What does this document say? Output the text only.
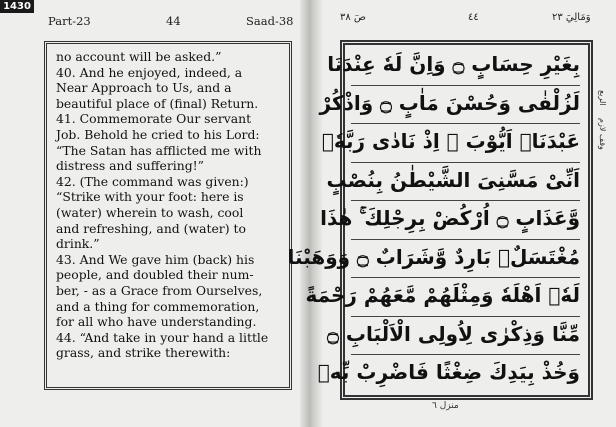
1430
Part-23	44	Saad-38

no account will be asked.”

40. And he enjoyed, indeed, a

Near Approach to Us, and a

beautiful place of (final) Return.

41. Commemorate Our servant

Job. Behold he cried to his Lord:

“The Satan has afflicted me with

distress and suffering!”

42. (The command was given:)

“Strike with your foot: here is

(water) wherein to wash, cool

and refreshing, and (water) to

drink.”

43. And We gave him (back) his

people, and doubled their num-

ber, - as a Grace from Ourselves,

and a thing for commemoration,

for all who have understanding.

44. “And take in your hand a little

grass, and strike therewith:

وَمَالِيَ ٢٣
٤٤
صٓ ٣٨
بِغَيْرِ حِسَابٍ ۝ وَاِنَّ لَهٗ عِنْدَنَا
لَزُلْفٰى وَحُسْنَ مَاٰبٍ ۝ وَاذْكُرْ
عَبْدَنَاۤ اَيُّوْبَ ۘ اِذْ نَادٰى رَبَّهٗۤ
اَنِّىْ مَسَّنِىَ الشَّيْطٰنُ بِنُصْبٍ
وَّعَذَابٍ ۝ اُرْكُضْ بِرِجْلِكَ ۚ هٰذَا
مُغْتَسَلٌۢ بَارِدٌ وَّشَرَابٌ ۝ وَوَهَبْنَا
لَهٗۤ اَهْلَهٗ وَمِثْلَهُمْ مَّعَهُمْ رَحْمَةً
مِّنَّا وَذِكْرٰى لِاُولِى الْاَلْبَابِ ۝
وَخُذْ بِيَدِكَ ضِغْثًا فَاضْرِبْ بِّهٖ
الربع
وقف لازم
منزل ٦
